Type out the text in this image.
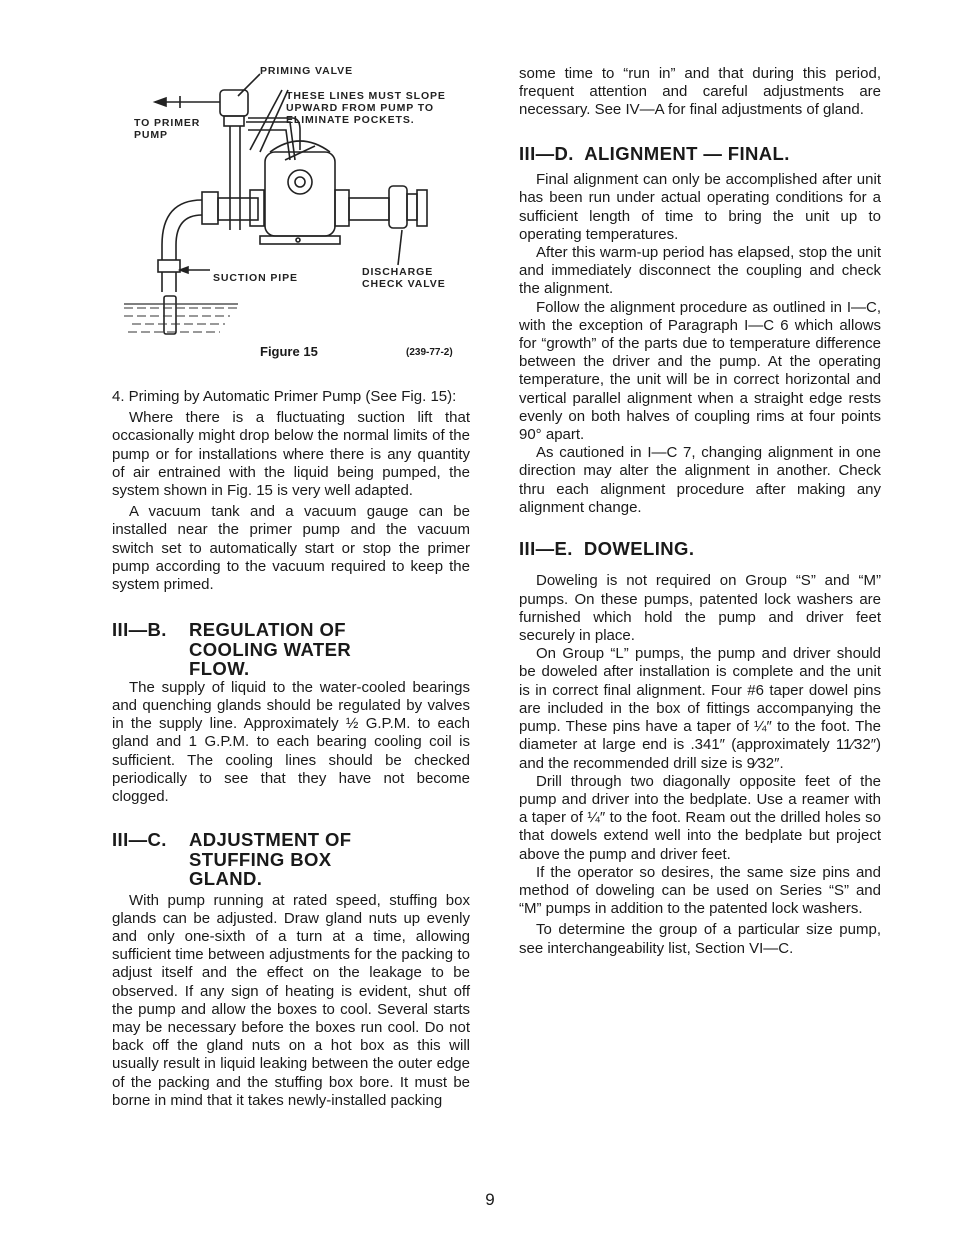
PRIMING VALVE
THESE LINES MUST SLOPE
UPWARD FROM PUMP TO
ELIMINATE POCKETS.
TO PRIMER
PUMP
SUCTION PIPE	DISCHARGE
CHECK VALVE
Figure 15	(239-77-2)

4. Priming by Automatic Primer Pump (See Fig. 15):

Where there is a fluctuating suction lift that occasionally might drop below the normal limits of the pump or for installations where there is any quantity of air entrained with the liquid being pumped, the system shown in Fig. 15 is very well adapted.

A vacuum tank and a vacuum gauge can be installed near the primer pump and the vacuum switch set to automatically start or stop the primer pump according to the vacuum required to keep the system primed.

III—B. REGULATION OF
COOLING WATER
FLOW.

The supply of liquid to the water-cooled bearings and quenching glands should be regulated by valves in the supply line. Approximately ½ G.P.M. to each gland and 1 G.P.M. to each bearing cooling coil is sufficient. The cooling lines should be checked periodically to see that they have not become clogged.

III—C. ADJUSTMENT OF
STUFFING BOX
GLAND.

With pump running at rated speed, stuffing box glands can be adjusted. Draw gland nuts up evenly and only one-sixth of a turn at a time, allowing sufficient time between adjustments for the packing to adjust itself and the effect on the leakage to be observed. If any sign of heating is evident, shut off the pump and allow the boxes to cool. Several starts may be necessary before the boxes run cool. Do not back off the gland nuts on a hot box as this will usually result in liquid leaking between the outer edge of the packing and the stuffing box bore. It must be borne in mind that it takes newly-installed packing

some time to “run in” and that during this period, frequent attention and careful adjustments are necessary. See IV—A for final adjustments of gland.

III—D.  ALIGNMENT — FINAL.

Final alignment can only be accomplished after unit has been run under actual operating conditions for a sufficient length of time to bring the unit up to operating temperatures.

After this warm-up period has elapsed, stop the unit and immediately disconnect the coupling and check the alignment.

Follow the alignment procedure as outlined in I—C, with the exception of Paragraph I—C 6 which allows for “growth” of the parts due to temperature difference between the driver and the pump. At the operating temperature, the unit will be in correct horizontal and vertical parallel alignment when a straight edge rests evenly on both halves of coupling rims at four points 90° apart.

As cautioned in I—C 7, changing alignment in one direction may alter the alignment in another. Check thru each alignment procedure after making any alignment change.

III—E.  DOWELING.

Doweling is not required on Group “S” and “M” pumps. On these pumps, patented lock washers are furnished which hold the pump and driver feet securely in place.

On Group “L” pumps, the pump and driver should be doweled after installation is complete and the unit is in correct final alignment. Four #6 taper dowel pins are included in the box of fittings accompanying the pump. These pins have a taper of ¼″ to the foot. The diameter at large end is .341″ (approximately 11⁄32″) and the recommended drill size is 9⁄32″.

Drill through two diagonally opposite feet of the pump and driver into the bedplate. Use a reamer with a taper of ¼″ to the foot. Ream out the drilled holes so that dowels extend well into the bedplate but project above the pump and driver feet.

If the operator so desires, the same size pins and method of doweling can be used on Series “S” and “M” pumps in addition to the patented lock washers.

To determine the group of a particular size pump, see interchangeability list, Section VI—C.

9
